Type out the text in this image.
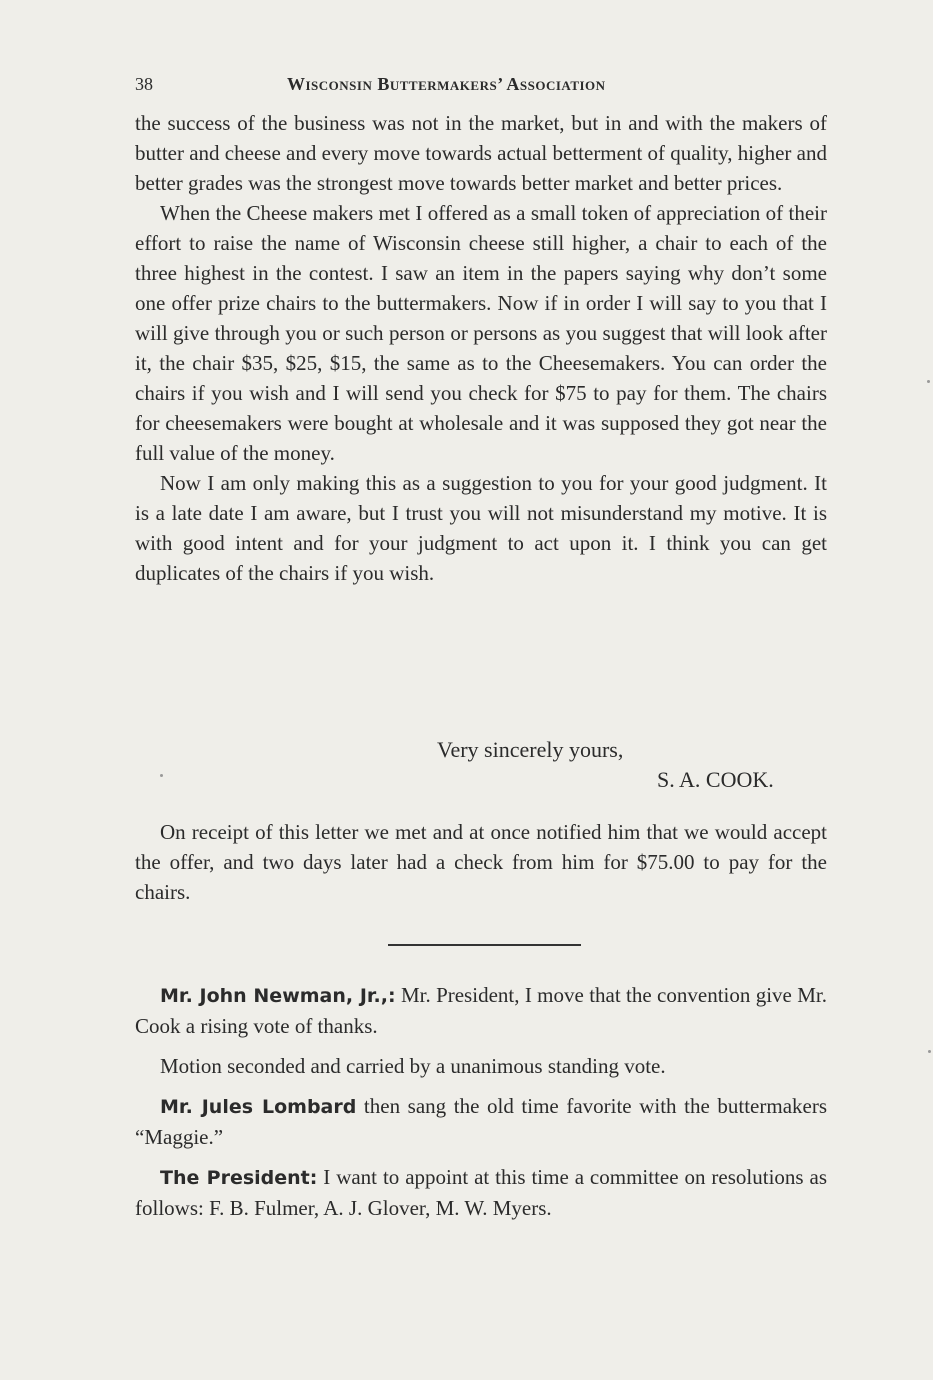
38	Wisconsin Buttermakers’ Association

the success of the business was not in the market, but in and with the makers of butter and cheese and every move towards actual betterment of quality, higher and better grades was the strongest move towards better market and better prices.

When the Cheese makers met I offered as a small token of appreciation of their effort to raise the name of Wisconsin cheese still higher, a chair to each of the three highest in the contest. I saw an item in the papers saying why don’t some one offer prize chairs to the buttermakers. Now if in order I will say to you that I will give through you or such person or persons as you suggest that will look after it, the chair $35, $25, $15, the same as to the Cheesemakers. You can order the chairs if you wish and I will send you check for $75 to pay for them. The chairs for cheesemakers were bought at wholesale and it was supposed they got near the full value of the money.

Now I am only making this as a suggestion to you for your good judgment. It is a late date I am aware, but I trust you will not misunderstand my motive. It is with good intent and for your judgment to act upon it. I think you can get duplicates of the chairs if you wish.

Very sincerely yours,
S. A. COOK.

On receipt of this letter we met and at once notified him that we would accept the offer, and two days later had a check from him for $75.00 to pay for the chairs.

Mr. John Newman, Jr.,: Mr. President, I move that the convention give Mr. Cook a rising vote of thanks.

Motion seconded and carried by a unanimous standing vote.

Mr. Jules Lombard then sang the old time favorite with the buttermakers “Maggie.”

The President: I want to appoint at this time a committee on resolutions as follows: F. B. Fulmer, A. J. Glover, M. W. Myers.
